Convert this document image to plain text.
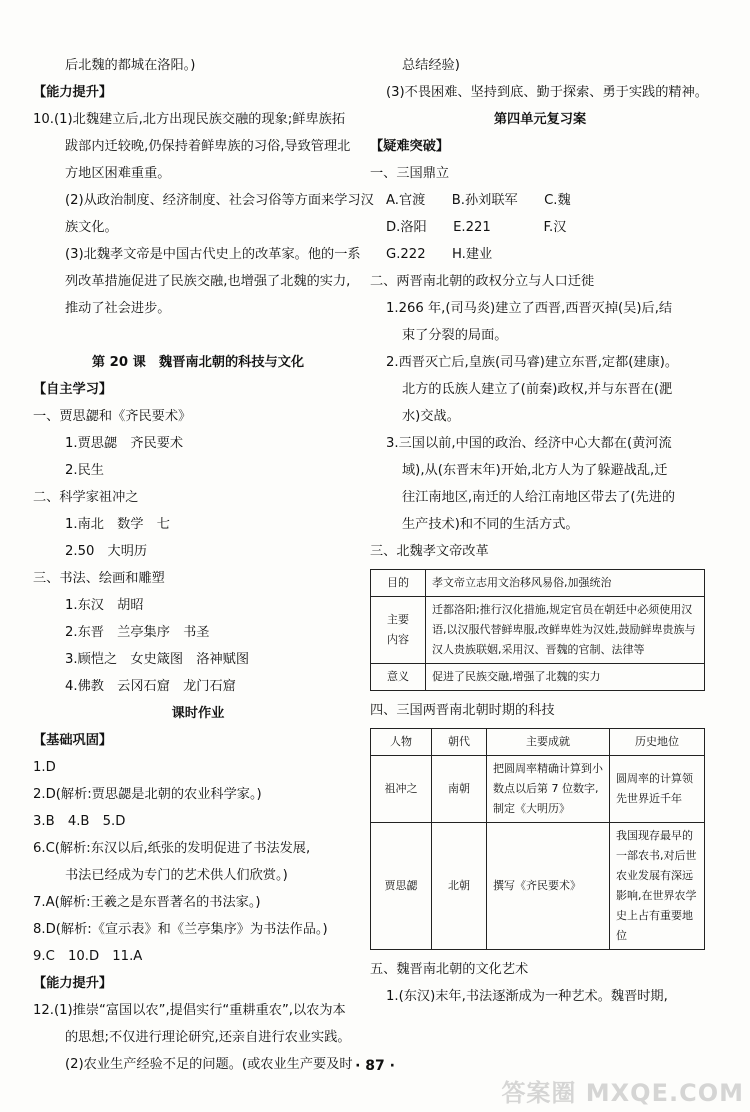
后北魏的都城在洛阳。)
【能力提升】
10.(1)北魏建立后,北方出现民族交融的现象;鲜卑族拓
跋部内迁较晚,仍保持着鲜卑族的习俗,导致管理北
方地区困难重重。
(2)从政治制度、经济制度、社会习俗等方面来学习汉
族文化。
(3)北魏孝文帝是中国古代史上的改革家。他的一系
列改革措施促进了民族交融,也增强了北魏的实力,
推动了社会进步。

第 20 课　魏晋南北朝的科技与文化
【自主学习】
一、贾思勰和《齐民要术》
1.贾思勰　齐民要术
2.民生
二、科学家祖冲之
1.南北　数学　七
2.50　大明历
三、书法、绘画和雕塑
1.东汉　胡昭
2.东晋　兰亭集序　书圣
3.顾恺之　女史箴图　洛神赋图
4.佛教　云冈石窟　龙门石窟
课时作业
【基础巩固】
1.D
2.D(解析:贾思勰是北朝的农业科学家。)
3.B　4.B　5.D
6.C(解析:东汉以后,纸张的发明促进了书法发展,
书法已经成为专门的艺术供人们欣赏。)
7.A(解析:王羲之是东晋著名的书法家。)
8.D(解析:《宣示表》和《兰亭集序》为书法作品。)
9.C　10.D　11.A
【能力提升】
12.(1)推崇“富国以农”,提倡实行“重耕重农”,以农为本
的思想;不仅进行理论研究,还亲自进行农业实践。
(2)农业生产经验不足的问题。(或农业生产要及时
总结经验)
(3)不畏困难、坚持到底、勤于探索、勇于实践的精神。
第四单元复习案
【疑难突破】
一、三国鼎立
A.官渡　　B.孙刘联军　　C.魏
D.洛阳　　E.221　　　　F.汉
G.222　　H.建业
二、两晋南北朝的政权分立与人口迁徙
1.266 年,(司马炎)建立了西晋,西晋灭掉(吴)后,结
束了分裂的局面。
2.西晋灭亡后,皇族(司马睿)建立东晋,定都(建康)。
北方的氐族人建立了(前秦)政权,并与东晋在(淝
水)交战。
3.三国以前,中国的政治、经济中心大都在(黄河流
域),从(东晋末年)开始,北方人为了躲避战乱,迁
往江南地区,南迁的人给江南地区带去了(先进的
生产技术)和不同的生活方式。
三、北魏孝文帝改革
目的	孝文帝立志用文治移风易俗,加强统治
主要
内容	迁都洛阳;推行汉化措施,规定官员在朝廷中必须使用汉语,以汉服代替鲜卑服,改鲜卑姓为汉姓,鼓励鲜卑贵族与汉人贵族联姻,采用汉、晋魏的官制、法律等
意义	促进了民族交融,增强了北魏的实力
四、三国两晋南北朝时期的科技
人物	朝代	主要成就	历史地位
祖冲之	南朝	把圆周率精确计算到小数点以后第 7 位数字,制定《大明历》	圆周率的计算领先世界近千年
贾思勰	北朝	撰写《齐民要术》	我国现存最早的一部农书,对后世农业发展有深远影响,在世界农学史上占有重要地位
五、魏晋南北朝的文化艺术
1.(东汉)末年,书法逐渐成为一种艺术。魏晋时期,
· 87 ·
答案圈 MXQE.COM
